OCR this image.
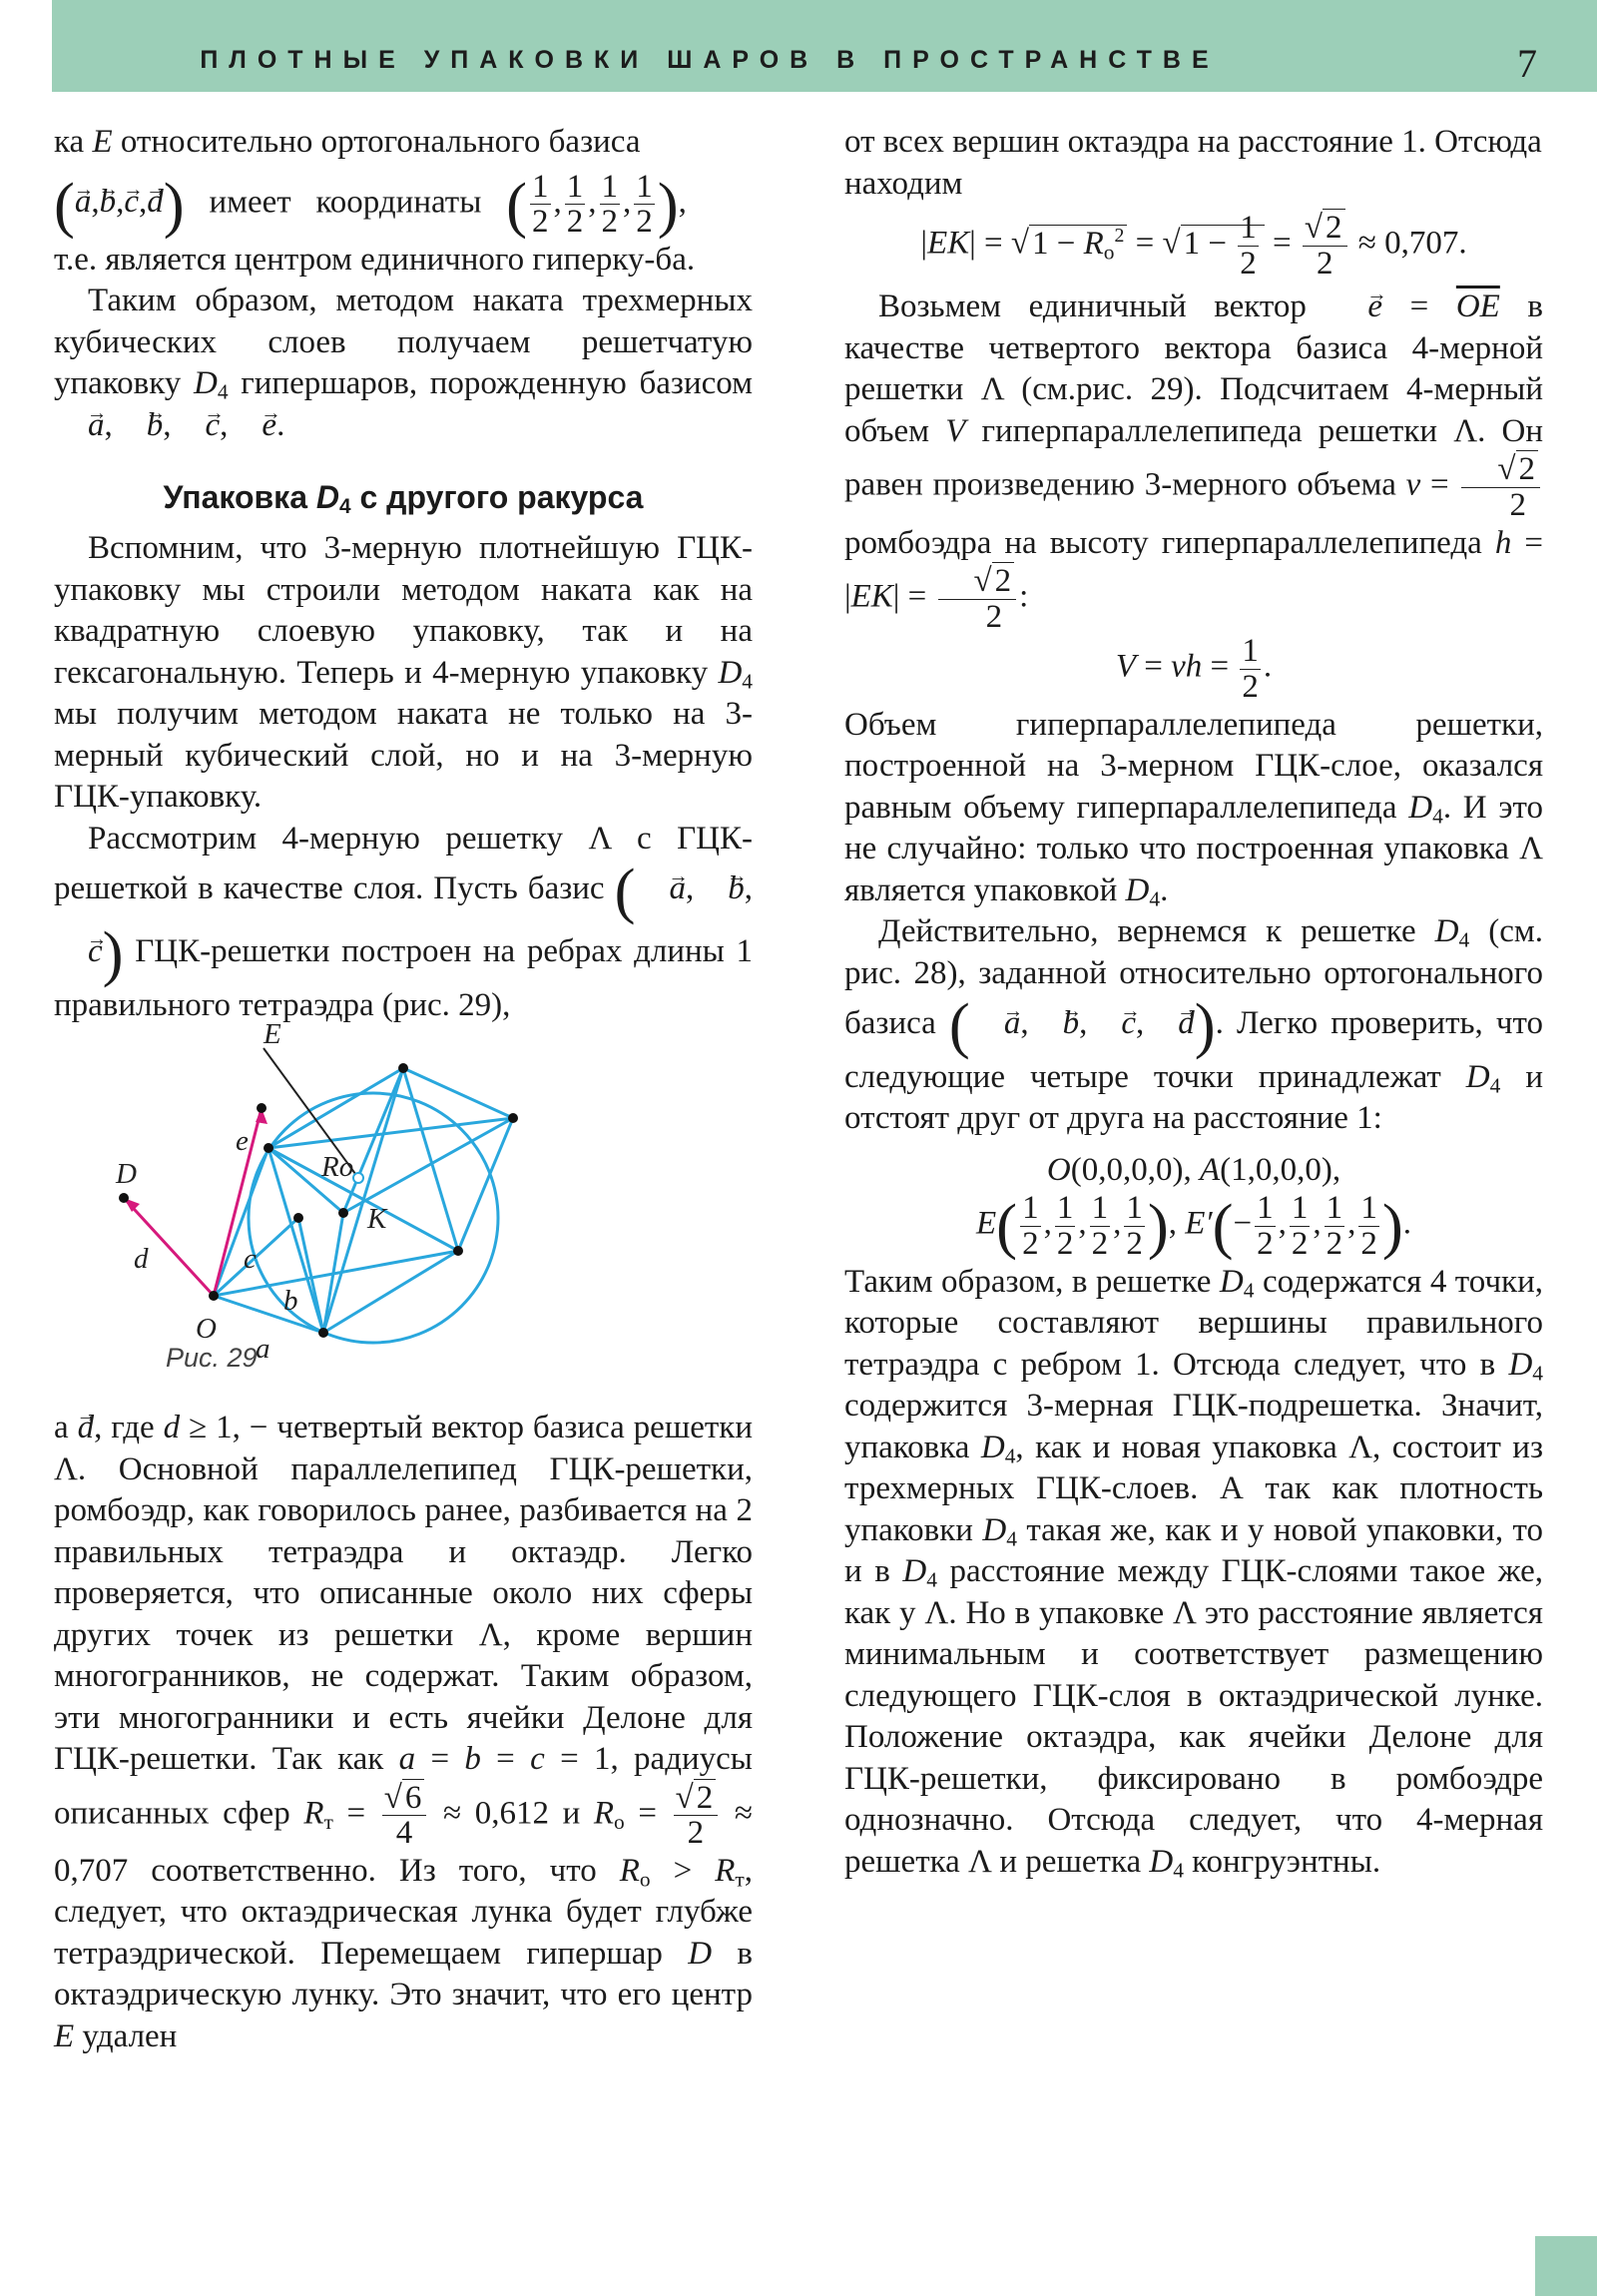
ПЛОТНЫЕ УПАКОВКИ ШАРОВ В ПРОСТРАНСТВЕ	7

ка E относительно ортогонального базиса

(a →,b →,c →,d →)   имеет   координаты   ( $\frac{1}{2}$ , $\frac{1}{2}$ , $\frac{1}{2}$ , $\frac{1}{2}$ ),

т.е. является центром единичного гиперку-ба.

Таким образом, методом наката трехмерных кубических слоев получаем решетчатую упаковку $D_4$ гипершаров, порожденную базисом a →, b →, c →, e →.

Упаковка $D_4$ с другого ракурса

Вспомним, что 3-мерную плотнейшую ГЦК-упаковку мы строили методом наката как на квадратную слоевую упаковку, так и на гексагональную. Теперь и 4-мерную упаковку $D_4$ мы получим методом наката не только на 3-мерный кубический слой, но и на 3-мерную ГЦК-упаковку.

Рассмотрим 4-мерную решетку Λ с ГЦК-решеткой в качестве слоя. Пусть базис ( a →, b →,c →) ГЦК-решетки построен на ребрах длины 1 правильного тетраэдра (рис. 29),

E
D
O
K
Ro
e
d	c
b
a
Рис. 29

а d →, где d ≥ 1, − четвертый вектор базиса решетки Λ. Основной параллелепипед ГЦК-решетки, ромбоэдр, как говорилось ранее, разбивается на 2 правильных тетраэдра и октаэдр. Легко проверяется, что описанные около них сферы других точек из решетки Λ, кроме вершин многогранников, не содержат. Таким образом, эти многогранники и есть ячейки Делоне для ГЦК-решетки. Так как a = b = c = 1, радиусы описанных сфер $R_т = \frac{√6}{4} \approx 0,612$ и $R_о = \frac{√2}{2} \approx 0,707$ соответственно. Из того, что $R_о > R_т$, следует, что октаэдрическая лунка будет глубже тетраэдрической. Перемещаем гипершар D в октаэдрическую лунку. Это значит, что его центр E удален

от всех вершин октаэдра на расстояние 1. Отсюда находим

$|EK| = √1 - R_о^2 = √1 - \frac{1}{2} = \frac{√2}{2} \approx 0,707$.

Возьмем единичный вектор e → = $\overline{OE}$ в качестве четвертого вектора базиса 4-мерной решетки Λ (см.рис. 29). Подсчитаем 4-мерный объем V гиперпараллелепипеда решетки Λ. Он равен произведению 3-мерного объема $v = \frac{√2}{2}$
ромбоэдра на высоту гиперпараллелепипеда $h = |EK| = \frac{√2}{2}$ :

V = vh = $\frac{1}{2}$ .

Объем гиперпараллелепипеда решетки, построенной на 3-мерном ГЦК-слое, оказался равным объему гиперпараллелепипеда $D_4$. И это не случайно: только что построенная упаковка Λ является упаковкой $D_4$.

Действительно, вернемся к решетке $D_4$ (см. рис. 28), заданной относительно ортогонального базиса ( a →, b →, c →, d →). Легко проверить, что следующие четыре точки принадлежат $D_4$ и отстоят друг от друга на расстояние 1:

O(0,0,0,0), A(1,0,0,0),

$E( \frac{1}{2}$ , $\frac{1}{2}$ , $\frac{1}{2}$ , $\frac{1}{2}$ ), $E'(- \frac{1}{2}$ , $\frac{1}{2}$ , $\frac{1}{2}$ , $\frac{1}{2}$ ).

Таким образом, в решетке $D_4$ содержатся 4 точки, которые составляют вершины правильного тетраэдра с ребром 1. Отсюда следует, что в $D_4$ содержится 3-мерная ГЦК-подрешетка. Значит, упаковка $D_4$, как и новая упаковка Λ, состоит из трехмерных ГЦК-слоев. А так как плотность упаковки $D_4$ такая же, как и у новой упаковки, то и в $D_4$ расстояние между ГЦК-слоями такое же, как у Λ. Но в упаковке Λ это расстояние является минимальным и соответствует размещению следующего ГЦК-слоя в октаэдрической лунке. Положение октаэдра, как ячейки Делоне для ГЦК-решетки, фиксировано в ромбоэдре однозначно. Отсюда следует, что 4-мерная решетка Λ и решетка $D_4$ конгруэнтны.
